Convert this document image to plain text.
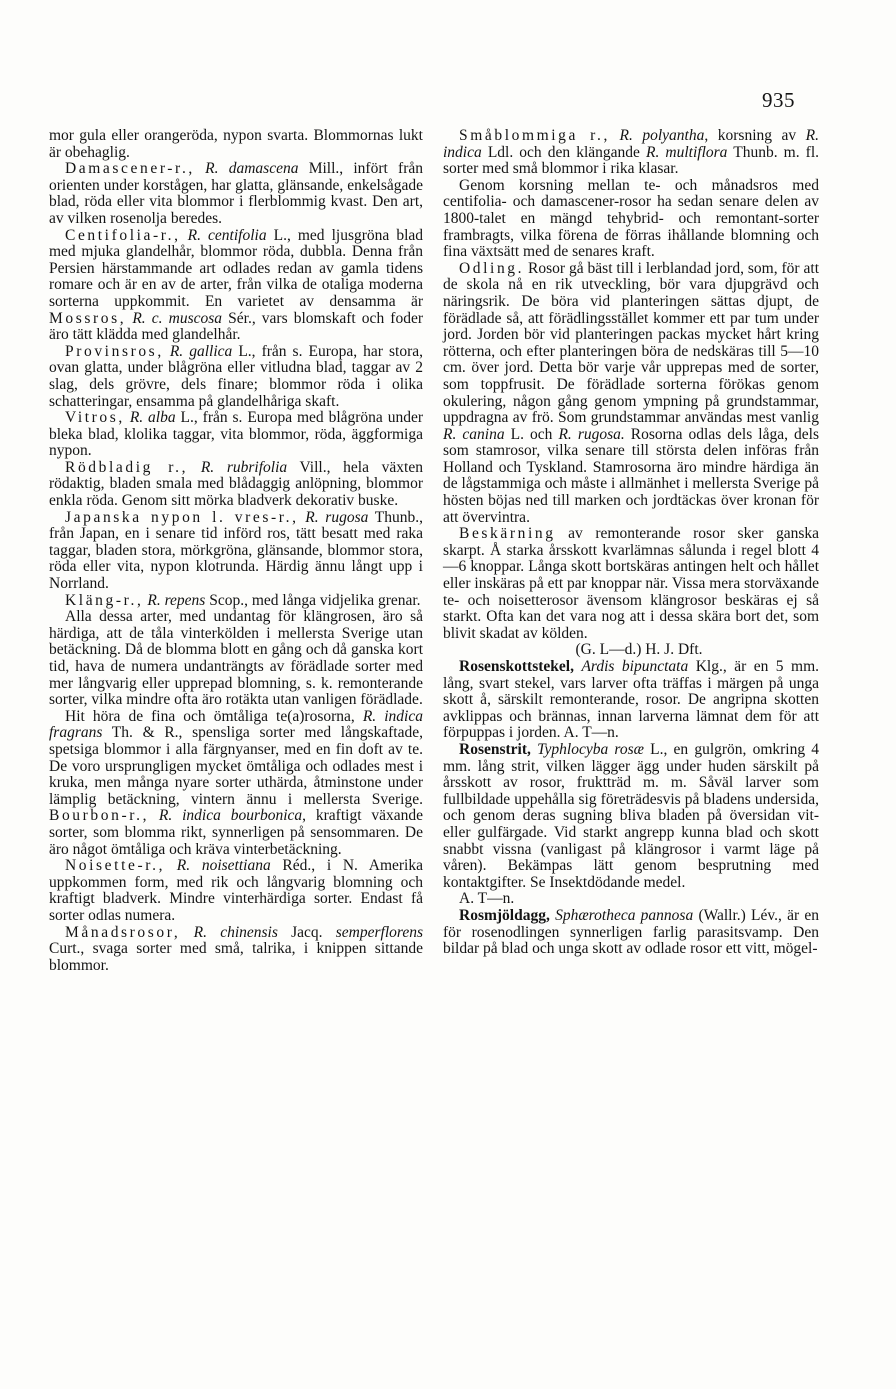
935

mor gula eller orangeröda, nypon svarta. Blommornas lukt är obehaglig.

Damascener-r., R. damascena Mill., infört från orienten under korstågen, har glatta, glänsande, enkelsågade blad, röda eller vita blommor i flerblommig kvast. Den art, av vilken rosenolja beredes.

Centifolia-r., R. centifolia L., med ljusgröna blad med mjuka glandelhår, blommor röda, dubbla. Denna från Persien härstammande art odlades redan av gamla tidens romare och är en av de arter, från vilka de otaliga moderna sorterna uppkommit. En varietet av densamma är Mossros, R. c. muscosa Sér., vars blomskaft och foder äro tätt klädda med glandelhår.

Provinsros, R. gallica L., från s. Europa, har stora, ovan glatta, under blågröna eller vitludna blad, taggar av 2 slag, dels grövre, dels finare; blommor röda i olika schatteringar, ensamma på glandelhåriga skaft.

Vitros, R. alba L., från s. Europa med blågröna under bleka blad, klolika taggar, vita blommor, röda, äggformiga nypon.

Rödbladig r., R. rubrifolia Vill., hela växten rödaktig, bladen smala med blådaggig anlöpning, blommor enkla röda. Genom sitt mörka bladverk dekorativ buske.

Japanska nypon l. vres-r., R. rugosa Thunb., från Japan, en i senare tid införd ros, tätt besatt med raka taggar, bladen stora, mörkgröna, glänsande, blommor stora, röda eller vita, nypon klotrunda. Härdig ännu långt upp i Norrland.

Kläng-r., R. repens Scop., med långa vidjelika grenar.

Alla dessa arter, med undantag för klängrosen, äro så härdiga, att de tåla vinterkölden i mellersta Sverige utan betäckning. Då de blomma blott en gång och då ganska kort tid, hava de numera undanträngts av förädlade sorter med mer långvarig eller upprepad blomning, s. k. remonterande sorter, vilka mindre ofta äro rotäkta utan vanligen förädlade.

Hit höra de fina och ömtåliga te(a)rosorna, R. indica fragrans Th. & R., spensliga sorter med långskaftade, spetsiga blommor i alla färgnyanser, med en fin doft av te. De voro ursprungligen mycket ömtåliga och odlades mest i kruka, men många nyare sorter uthärda, åtminstone under lämplig betäckning, vintern ännu i mellersta Sverige. Bourbon-r., R. indica bourbonica, kraftigt växande sorter, som blomma rikt, synnerligen på sensommaren. De äro något ömtåliga och kräva vinterbetäckning.

Noisette-r., R. noisettiana Réd., i N. Amerika uppkommen form, med rik och långvarig blomning och kraftigt bladverk. Mindre vinterhärdiga sorter. Endast få sorter odlas numera.

Månadsrosor, R. chinensis Jacq. semperflorens Curt., svaga sorter med små, talrika, i knippen sittande blommor.

Småblommiga r., R. polyantha, korsning av R. indica Ldl. och den klängande R. multiflora Thunb. m. fl. sorter med små blommor i rika klasar.

Genom korsning mellan te- och månadsros med centifolia- och damascener-rosor ha sedan senare delen av 1800-talet en mängd tehybrid- och remontant-sorter frambragts, vilka förena de förras ihållande blomning och fina växtsätt med de senares kraft.

Odling. Rosor gå bäst till i lerblandad jord, som, för att de skola nå en rik utveckling, bör vara djupgrävd och näringsrik. De böra vid planteringen sättas djupt, de förädlade så, att förädlingsstället kommer ett par tum under jord. Jorden bör vid planteringen packas mycket hårt kring rötterna, och efter planteringen böra de nedskäras till 5—10 cm. över jord. Detta bör varje vår upprepas med de sorter, som toppfrusit. De förädlade sorterna förökas genom okulering, någon gång genom ympning på grundstammar, uppdragna av frö. Som grundstammar användas mest vanlig R. canina L. och R. rugosa. Rosorna odlas dels låga, dels som stamrosor, vilka senare till största delen införas från Holland och Tyskland. Stamrosorna äro mindre härdiga än de lågstammiga och måste i allmänhet i mellersta Sverige på hösten böjas ned till marken och jordtäckas över kronan för att övervintra.

Beskärning av remonterande rosor sker ganska skarpt. Å starka årsskott kvarlämnas sålunda i regel blott 4—6 knoppar. Långa skott bortskäras antingen helt och hållet eller inskäras på ett par knoppar när. Vissa mera storväxande te- och noisetterosor ävensom klängrosor beskäras ej så starkt. Ofta kan det vara nog att i dessa skära bort det, som blivit skadat av kölden.

(G. L—d.) H. J. Dft.

Rosenskottstekel, Ardis bipunctata Klg., är en 5 mm. lång, svart stekel, vars larver ofta träffas i märgen på unga skott å, särskilt remonterande, rosor. De angripna skotten avklippas och brännas, innan larverna lämnat dem för att förpuppas i jorden. A. T—n.

Rosenstrit, Typhlocyba rosæ L., en gulgrön, omkring 4 mm. lång strit, vilken lägger ägg under huden särskilt på årsskott av rosor, fruktträd m. m. Såväl larver som fullbildade uppehålla sig företrädesvis på bladens undersida, och genom deras sugning bliva bladen på översidan vit- eller gulfärgade. Vid starkt angrepp kunna blad och skott snabbt vissna (vanligast på klängrosor i varmt läge på våren). Bekämpas lätt genom besprutning med kontaktgifter. Se Insektdödande medel.

A. T—n.

Rosmjöldagg, Sphærotheca pannosa (Wallr.) Lév., är en för rosenodlingen synnerligen farlig parasitsvamp. Den bildar på blad och unga skott av odlade rosor ett vitt, mögel-
